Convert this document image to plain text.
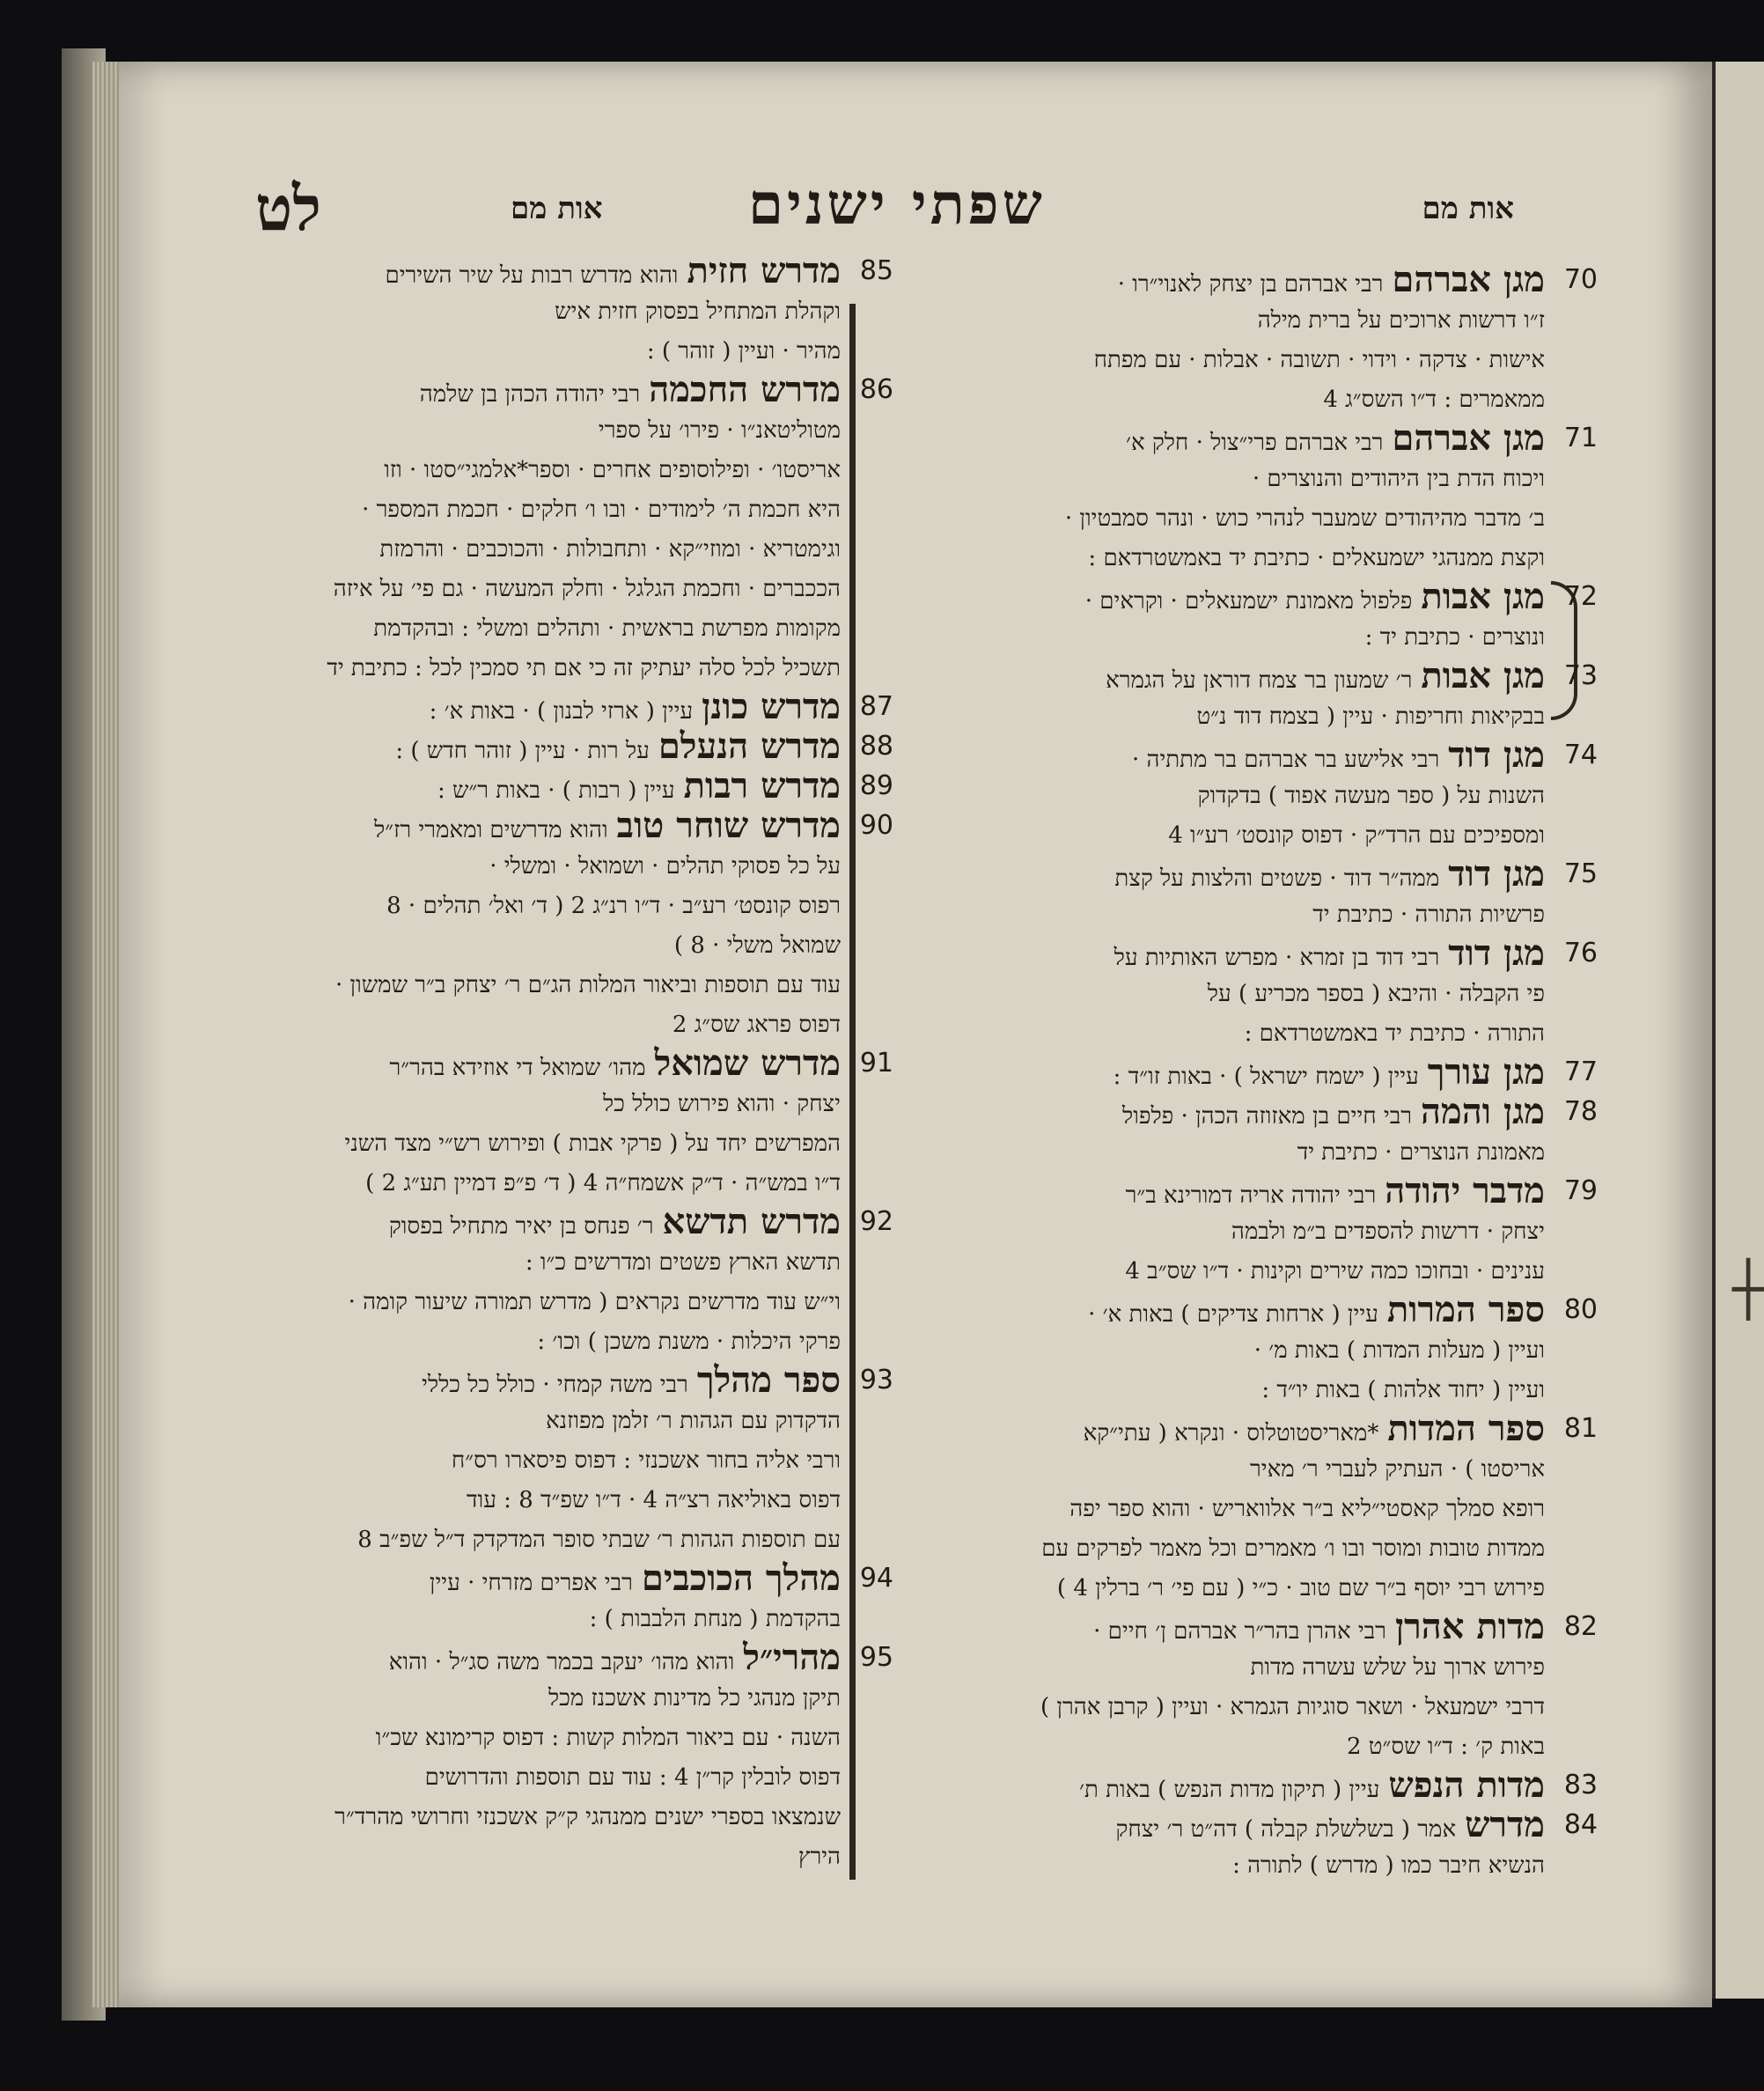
אות מם
שפתי ישנים
אות מם
לט
┼
70
מגן אברהםרבי אברהם בן יצחק לאנוי״רו ·
ז״ו דרשות ארוכים על ברית מילה
אישות · צדקה · וידוי · תשובה · אבלות · עם מפתח
ממאמרים : ד״ו השס״ג 4
71
מגן אברהםרבי אברהם פרי״צול · חלק א׳
ויכוח הדת בין היהודים והנוצרים ·
ב׳ מדבר מהיהודים שמעבר לנהרי כוש · ונהר סמבטיון ·
וקצת ממנהגי ישמעאלים · כתיבת יד באמשטרדאם :
72
מגן אבותפלפול מאמונת ישמעאלים · וקראים ·
ונוצרים · כתיבת יד :
73
מגן אבותר׳ שמעון בר צמח דוראן על הגמרא
בבקיאות וחריפות · עיין ( בצמח דוד נ״ט
74
מגן דודרבי אלישע בר אברהם בר מתתיה ·
השנות על ( ספר מעשה אפוד ) בדקדוק
ומספיכים עם הרד״ק · דפוס קונסט׳ רע״ו 4
75
מגן דודממה״ר דוד · פשטים והלצות על קצת
פרשיות התורה · כתיבת יד
76
מגן דודרבי דוד בן זמרא · מפרש האותיות על
פי הקבלה · והיבא ( בספר מכריע ) על
התורה · כתיבת יד באמשטרדאם :
77
מגן עורךעיין ( ישמח ישראל ) · באות זו״ד :
78
מגן והמהרבי חיים בן מאזוזה הכהן · פלפול
מאמונת הנוצרים · כתיבת יד
79
מדבר יהודהרבי יהודה אריה דמורינא ב״ר
יצחק · דרשות להספדים ב״מ ולבמה
ענינים · ובחוכו כמה שירים וקינות · ד״ו שס״ב 4
80
ספר המרותעיין ( ארחות צדיקים ) באות א׳ ·
ועיין ( מעלות המדות ) באות מ׳ ·
ועיין ( יחוד אלהות ) באות יו״ד :
81
ספר המדות*מאריסטוטלוס · ונקרא ( עתי״קא
אריסטו ) · העתיק לעברי ר׳ מאיר
רופא סמלך קאסטי״ליא ב״ר אלוואריש · והוא ספר יפה
ממדות טובות ומוסר ובו ו׳ מאמרים וכל מאמר לפרקים עם
פירוש רבי יוסף ב״ר שם טוב · כ״י ( עם פי׳ ר׳ ברלין 4 )
82
מדות אהרןרבי אהרן בהר״ר אברהם ן׳ חיים ·
פירוש ארוך על שלש עשרה מדות
דרבי ישמעאל · ושאר סוגיות הגמרא · ועיין ( קרבן אהרן )
באות ק׳ : ד״ו שס״ט 2
83
מדות הנפשעיין ( תיקון מדות הנפש ) באות ת׳
84
מדרשאמר ( בשלשלת קבלה ) דה״ט ר׳ יצחק
הנשיא חיבר כמו ( מדרש ) לתורה :
85
מדרש חזיתוהוא מדרש רבות על שיר השירים
וקהלת המתחיל בפסוק חזית איש
מהיר · ועיין ( זוהר ) :
86
מדרש החכמהרבי יהודה הכהן בן שלמה
מטוליטאנ״ו · פירו׳ על ספרי
אריסטו׳ · ופילוסופים אחרים · וספר*אלמגי״סטו · וזו
היא חכמת ה׳ לימודים · ובו ו׳ חלקים · חכמת המספר ·
וגימטריא · ומוזי״קא · ותחבולות · והכוכבים · והרמזת
הככברים · וחכמת הגלגל · וחלק המעשה · גם פי׳ על איזה
מקומות מפרשת בראשית · ותהלים ומשלי : ובהקדמת
תשכיל לכל סלה יעתיק זה כי אם תי סמכין לכל : כתיבת יד
87
מדרש כונןעיין ( ארזי לבנון ) · באות א׳ :
88
מדרש הנעלםעל רות · עיין ( זוהר חדש ) :
89
מדרש רבותעיין ( רבות ) · באות ר״ש :
90
מדרש שוחר טובוהוא מדרשים ומאמרי רז״ל
על כל פסוקי תהלים · ושמואל · ומשלי ·
רפוס קונסט׳ רע״ב · ד״ו רנ״ג 2 ( ד׳ ואל׳ תהלים · 8
שמואל משלי · 8 )
עוד עם תוספות וביאור המלות הג״ם ר׳ יצחק ב״ר שמשון ·
דפוס פראג שס״ג 2
91
מדרש שמואלמהו׳ שמואל די אוזידא בהר״ר
יצחק · והוא פירוש כולל כל
המפרשים יחד על ( פרקי אבות ) ופירוש רש״י מצד השני
ד״ו במש״ה · ד״ק אשמח״ה 4 ( ד׳ פ״פ דמיין תע״ג 2 )
92
מדרש תדשאר׳ פנחס בן יאיר מתחיל בפסוק
תדשא הארץ פשטים ומדרשים כ״ו :
וי״ש עוד מדרשים נקראים ( מדרש תמורה שיעור קומה ·
פרקי היכלות · משנת משכן ) וכו׳ :
93
ספר מהלךרבי משה קמחי · כולל כל כללי
הדקדוק עם הגהות ר׳ זלמן מפוזנא
ורבי אליה בחור אשכנזי : דפוס פיסארו רס״ח
דפוס באוליאה רצ״ה 4 · ד״ו שפ״ד 8 : עוד
עם תוספות הגהות ר׳ שבתי סופר המדקדק ד״ל שפ״ב 8
94
מהלך הכוכביםרבי אפרים מזרחי · עיין
בהקדמת ( מנחת הלבבות ) :
95
מהרי״לוהוא מהו׳ יעקב בכמר משה סג״ל · והוא
תיקן מנהגי כל מדינות אשכנז מכל
השנה · עם ביאור המלות קשות : דפוס קרימונא שכ״ו
דפוס לובלין קר״ן 4 : עוד עם תוספות והדרושים
שנמצאו בספרי ישנים ממנהגי ק״ק אשכנזי וחרושי מהרד״ר
הירץ
